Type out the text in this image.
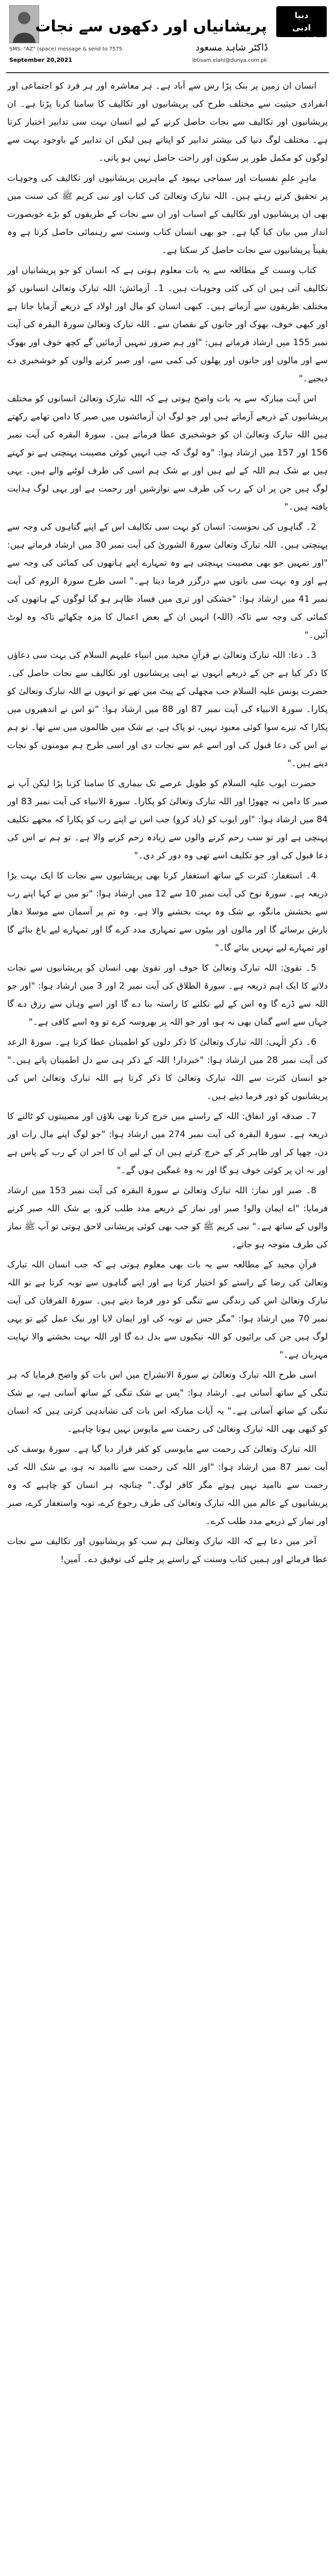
SMS: "AZ" (space) message & send to 7575
September 20,2021
پریشانیاں اور دکھوں سے نجات
ڈاکٹر شاہد مسعود
ibtisam.elahi@dunya.com.pk
دنیا
ادبی ایڈیشن

انسان ان زمین پر بنک پڑا رس سے آباد ہے۔ ہر معاشرہ اور ہر فرد کو اجتماعی اور انفرادی حیثیت سے مختلف طرح کی پریشانیوں اور تکالیف کا سامنا کرنا پڑتا ہے۔ ان پریشانیوں اور تکالیف سے نجات حاصل کرنے کے لیے انسان بہت سی تدابیر اختیار کرتا ہے۔ مختلف لوگ دنیا کی بیشتر تدابیر کو اپناتے ہیں لیکن ان تدابیر کے باوجود بہت سے لوگوں کو مکمل طور پر سکون اور راحت حاصل نہیں ہو پاتی۔

ماہرِ علمِ نفسیات اور سماجی بہبود کے ماہرین پریشانیوں اور تکالیف کی وجوہات پر تحقیق کرتے رہتے ہیں۔ اللہ تبارک وتعالیٰ کی کتاب اور نبی کریم ﷺ کی سنت میں بھی ان پریشانیوں اور تکالیف کے اسباب اور ان سے نجات کے طریقوں کو بڑے خوبصورت انداز میں بیان کیا گیا ہے۔ جو بھی انسان کتاب وسنت سے رہنمائی حاصل کرتا ہے وہ یقیناً پریشانیوں سے نجات حاصل کر سکتا ہے۔

کتاب وسنت کے مطالعہ سے یہ بات معلوم ہوتی ہے کہ انسان کو جو پریشانیاں اور تکالیف آتی ہیں ان کی کئی وجوہات ہیں۔ 1۔ آزمائش: اللہ تبارک وتعالیٰ انسانوں کو مختلف طریقوں سے آزماتے ہیں۔ کبھی انسان کو مال اور اولاد کے ذریعے آزمایا جاتا ہے اور کبھی خوف، بھوک اور جانوں کے نقصان سے۔ اللہ تبارک وتعالیٰ سورۃ البقرہ کی آیت نمبر 155 میں ارشاد فرماتے ہیں: "اور ہم ضرور تمہیں آزمائیں گے کچھ خوف اور بھوک سے اور مالوں اور جانوں اور پھلوں کی کمی سے، اور صبر کرنے والوں کو خوشخبری دے دیجیے۔"

اس آیت مبارکہ سے یہ بات واضح ہوتی ہے کہ اللہ تبارک وتعالیٰ انسانوں کو مختلف پریشانیوں کے ذریعے آزماتے ہیں اور جو لوگ ان آزمائشوں میں صبر کا دامن تھامے رکھتے ہیں اللہ تبارک وتعالیٰ ان کو خوشخبری عطا فرماتے ہیں۔ سورۃ البقرہ کی آیت نمبر 156 اور 157 میں ارشاد ہوا: "وہ لوگ کہ جب انہیں کوئی مصیبت پہنچتی ہے تو کہتے ہیں بے شک ہم اللہ کے لیے ہیں اور بے شک ہم اسی کی طرف لوٹنے والے ہیں۔ یہی لوگ ہیں جن پر ان کے رب کی طرف سے نوازشیں اور رحمت ہے اور یہی لوگ ہدایت یافتہ ہیں۔"

2۔ گناہوں کی نحوست: انسان کو بہت سی تکالیف اس کے اپنے گناہوں کی وجہ سے پہنچتی ہیں۔ اللہ تبارک وتعالیٰ سورۃ الشوریٰ کی آیت نمبر 30 میں ارشاد فرماتے ہیں: "اور تمہیں جو بھی مصیبت پہنچتی ہے وہ تمہارے اپنے ہاتھوں کی کمائی کی وجہ سے ہے اور وہ بہت سی باتوں سے درگزر فرما دیتا ہے۔" اسی طرح سورۃ الروم کی آیت نمبر 41 میں ارشاد ہوا: "خشکی اور تری میں فساد ظاہر ہو گیا لوگوں کے ہاتھوں کی کمائی کی وجہ سے تاکہ (اللہ) انہیں ان کے بعض اعمال کا مزہ چکھائے تاکہ وہ لوٹ آئیں۔"

3۔ دعا: اللہ تبارک وتعالیٰ نے قرآنِ مجید میں انبیاء علیہم السلام کی بہت سی دعاؤں کا ذکر کیا ہے جن کے ذریعے انہوں نے اپنی پریشانیوں اور تکالیف سے نجات حاصل کی۔ حضرت یونس علیہ السلام جب مچھلی کے پیٹ میں تھے تو انہوں نے اللہ تبارک وتعالیٰ کو پکارا۔ سورۃ الانبیاء کی آیت نمبر 87 اور 88 میں ارشاد ہوا: "تو اس نے اندھیروں میں پکارا کہ تیرے سوا کوئی معبود نہیں، تو پاک ہے، بے شک میں ظالموں میں سے تھا۔ تو ہم نے اس کی دعا قبول کی اور اسے غم سے نجات دی اور اسی طرح ہم مومنوں کو نجات دیتے ہیں۔"

حضرت ایوب علیہ السلام کو طویل عرصے تک بیماری کا سامنا کرنا پڑا لیکن آپ نے صبر کا دامن نہ چھوڑا اور اللہ تبارک وتعالیٰ کو پکارا۔ سورۃ الانبیاء کی آیت نمبر 83 اور 84 میں ارشاد ہوا: "اور ایوب کو (یاد کرو) جب اس نے اپنے رب کو پکارا کہ مجھے تکلیف پہنچی ہے اور تو سب رحم کرنے والوں سے زیادہ رحم کرنے والا ہے۔ تو ہم نے اس کی دعا قبول کی اور جو تکلیف اسے تھی وہ دور کر دی۔"

4۔ استغفار: کثرت کے ساتھ استغفار کرنا بھی پریشانیوں سے نجات کا ایک بہت بڑا ذریعہ ہے۔ سورۃ نوح کی آیت نمبر 10 سے 12 میں ارشاد ہوا: "تو میں نے کہا اپنے رب سے بخشش مانگو، بے شک وہ بہت بخشنے والا ہے۔ وہ تم پر آسمان سے موسلا دھار بارش برسائے گا اور مالوں اور بیٹوں سے تمہاری مدد کرے گا اور تمہارے لیے باغ بنائے گا اور تمہارے لیے نہریں بنائے گا۔"

5۔ تقویٰ: اللہ تبارک وتعالیٰ کا خوف اور تقویٰ بھی انسان کو پریشانیوں سے نجات دلانے کا ایک اہم ذریعہ ہے۔ سورۃ الطلاق کی آیت نمبر 2 اور 3 میں ارشاد ہوا: "اور جو اللہ سے ڈرے گا وہ اس کے لیے نکلنے کا راستہ بنا دے گا اور اسے وہاں سے رزق دے گا جہاں سے اسے گمان بھی نہ ہو، اور جو اللہ پر بھروسہ کرے تو وہ اسے کافی ہے۔"

6۔ ذکرِ الٰہی: اللہ تبارک وتعالیٰ کا ذکر دلوں کو اطمینان عطا کرتا ہے۔ سورۃ الرعد کی آیت نمبر 28 میں ارشاد ہوا: "خبردار! اللہ کے ذکر ہی سے دل اطمینان پاتے ہیں۔" جو انسان کثرت سے اللہ تبارک وتعالیٰ کا ذکر کرتا ہے اللہ تبارک وتعالیٰ اس کی پریشانیوں کو دور فرما دیتے ہیں۔

7۔ صدقہ اور انفاق: اللہ کے راستے میں خرچ کرنا بھی بلاؤں اور مصیبتوں کو ٹالنے کا ذریعہ ہے۔ سورۃ البقرہ کی آیت نمبر 274 میں ارشاد ہوا: "جو لوگ اپنے مال رات اور دن، چھپا کر اور ظاہر کر کے خرچ کرتے ہیں ان کے لیے ان کا اجر ان کے رب کے پاس ہے اور نہ ان پر کوئی خوف ہو گا اور نہ وہ غمگین ہوں گے۔"

8۔ صبر اور نماز: اللہ تبارک وتعالیٰ نے سورۃ البقرہ کی آیت نمبر 153 میں ارشاد فرمایا: "اے ایمان والو! صبر اور نماز کے ذریعے مدد طلب کرو، بے شک اللہ صبر کرنے والوں کے ساتھ ہے۔" نبی کریم ﷺ کو جب بھی کوئی پریشانی لاحق ہوتی تو آپ ﷺ نماز کی طرف متوجہ ہو جاتے۔

قرآنِ مجید کے مطالعہ سے یہ بات بھی معلوم ہوتی ہے کہ جب انسان اللہ تبارک وتعالیٰ کی رضا کے راستے کو اختیار کرتا ہے اور اپنے گناہوں سے توبہ کرتا ہے تو اللہ تبارک وتعالیٰ اس کی زندگی سے تنگی کو دور فرما دیتے ہیں۔ سورۃ الفرقان کی آیت نمبر 70 میں ارشاد ہوا: "مگر جس نے توبہ کی اور ایمان لایا اور نیک عمل کیے تو یہی لوگ ہیں جن کی برائیوں کو اللہ نیکیوں سے بدل دے گا اور اللہ بہت بخشنے والا نہایت مہربان ہے۔"

اسی طرح اللہ تبارک وتعالیٰ نے سورۃ الانشراح میں اس بات کو واضح فرمایا کہ ہر تنگی کے ساتھ آسانی ہے۔ ارشاد ہوا: "پس بے شک تنگی کے ساتھ آسانی ہے، بے شک تنگی کے ساتھ آسانی ہے۔" یہ آیات مبارکہ اس بات کی نشاندہی کرتی ہیں کہ انسان کو کبھی بھی اللہ تبارک وتعالیٰ کی رحمت سے مایوس نہیں ہونا چاہیے۔

اللہ تبارک وتعالیٰ کی رحمت سے مایوسی کو کفر قرار دیا گیا ہے۔ سورۃ یوسف کی آیت نمبر 87 میں ارشاد ہوا: "اور اللہ کی رحمت سے ناامید نہ ہو، بے شک اللہ کی رحمت سے ناامید نہیں ہوتے مگر کافر لوگ۔" چنانچہ ہر انسان کو چاہیے کہ وہ پریشانیوں کے عالم میں اللہ تبارک وتعالیٰ کی طرف رجوع کرے، توبہ واستغفار کرے، صبر اور نماز کے ذریعے مدد طلب کرے۔

آخر میں دعا ہے کہ اللہ تبارک وتعالیٰ ہم سب کو پریشانیوں اور تکالیف سے نجات عطا فرمائے اور ہمیں کتاب وسنت کے راستے پر چلنے کی توفیق دے۔ آمین!
